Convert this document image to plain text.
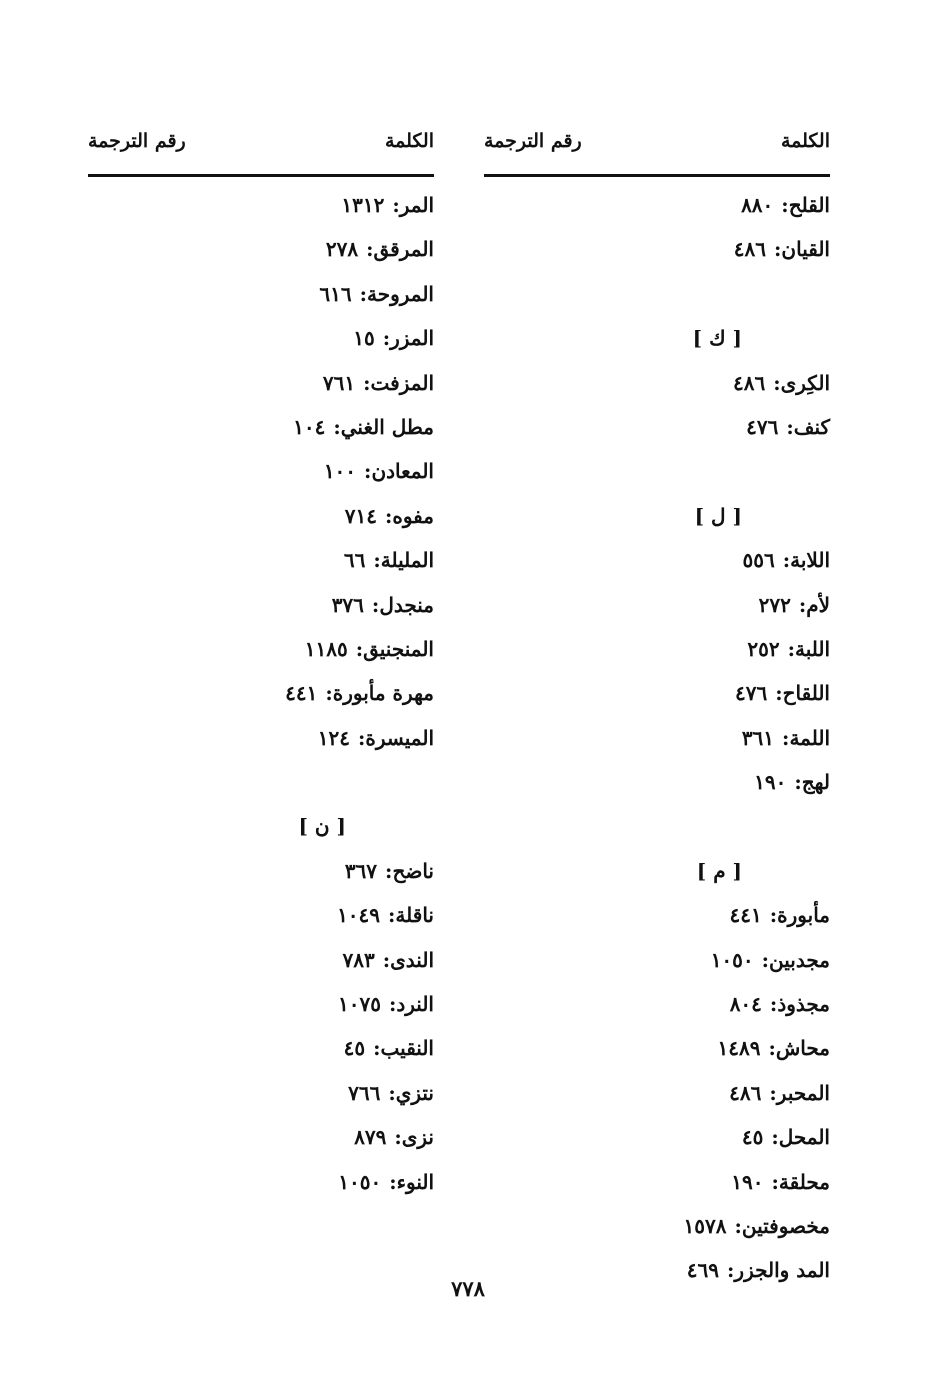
الكلمة
رقم الترجمة
القلح:٨٨٠
القيان:٤٨٦
[ ك ]
الكِرى:٤٨٦
كنف:٤٧٦
[ ل ]
اللابة:٥٥٦
لأم:٢٧٢
اللبة:٢٥٢
اللقاح:٤٧٦
اللمة:٣٦١
لهج:١٩٠
[ م ]
مأبورة:٤٤١
مجدبين:١٠٥٠
مجذوذ:٨٠٤
محاش:١٤٨٩
المحبر:٤٨٦
المحل:٤٥
محلقة:١٩٠
مخصوفتين:١٥٧٨
المد والجزر:٤٦٩
الكلمة
رقم الترجمة
المر:١٣١٢
المرقق:٢٧٨
المروحة:٦١٦
المزر:١٥
المزفت:٧٦١
مطل الغني:١٠٤
المعادن:١٠٠
مفوه:٧١٤
المليلة:٦٦
منجدل:٣٧٦
المنجنيق:١١٨٥
مهرة مأبورة:٤٤١
الميسرة:١٢٤
[ ن ]
ناضح:٣٦٧
ناقلة:١٠٤٩
الندى:٧٨٣
النرد:١٠٧٥
النقيب:٤٥
نتزي:٧٦٦
نزى:٨٧٩
النوء:١٠٥٠
٧٧٨
